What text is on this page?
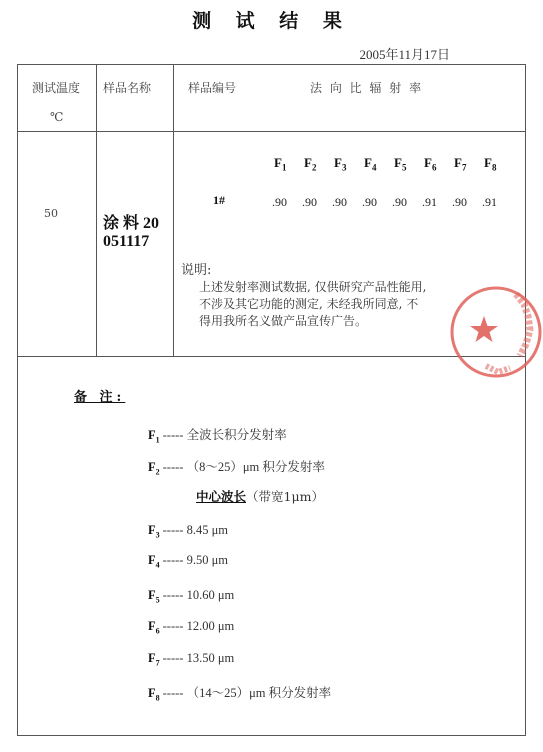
测 试 结 果
2005年11月17日
测试温度
℃
样品名称	样品编号	法 向 比 辐 射 率
50
涂 料 20051117
1#
$F_1$ $F_2$ $F_3$ $F_4$ $F_5$ $F_6$ $F_7$ $F_8$
.90 .90 .90 .90 .90 .91 .90 .91
说明:
上述发射率测试数据, 仅供研究产品性能用,
不涉及其它功能的测定, 未经我所同意, 不
得用我所名义做产品宣传广告。
备 注:
$F_1$ ----- 全波长积分发射率
$F_2$ ----- （8～25）μm 积分发射率
$F_3$ ----- 8.45 μm
$F_4$ ----- 9.50 μm
$F_5$ ----- 10.60 μm
$F_6$ ----- 12.00 μm
$F_7$ ----- 13.50 μm
$F_8$ ----- （14～25）μm 积分发射率
中心波长（带宽1μm）
